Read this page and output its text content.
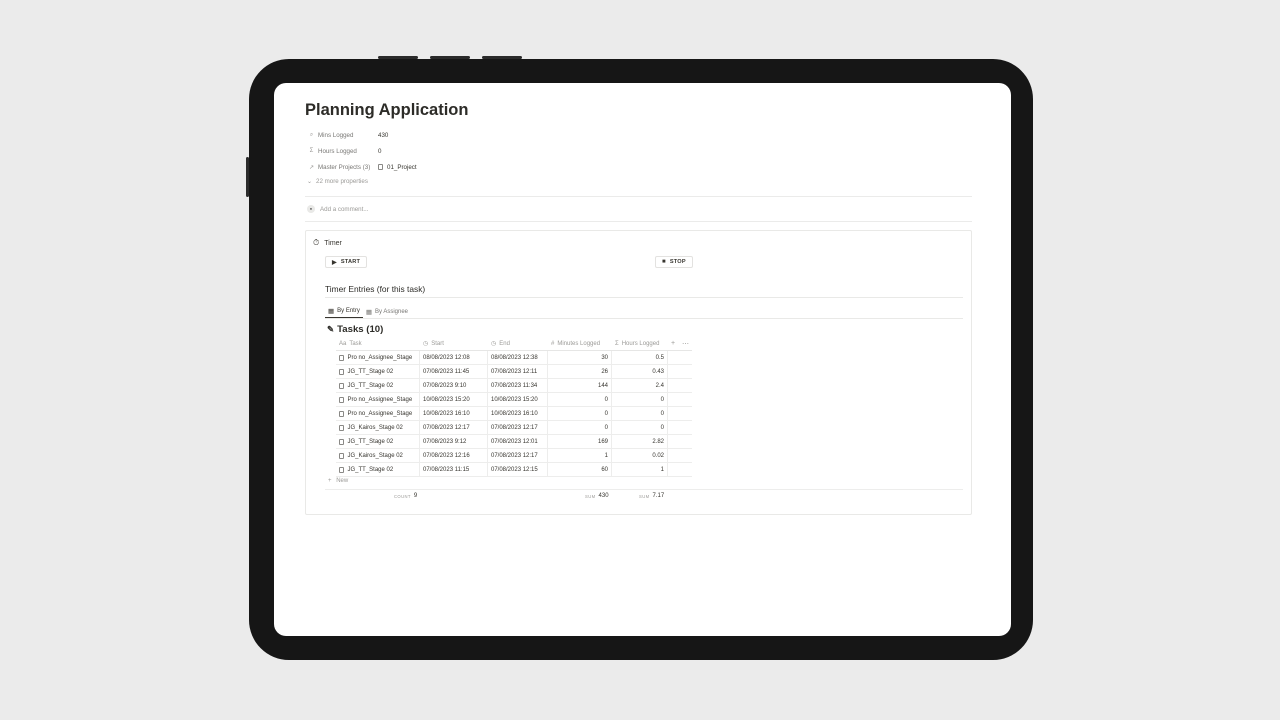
Planning Application
⌕ Mins Logged	430
Σ Hours Logged	0
↗ Master Projects (3)	01_Project
⌄ 22 more properties
●	Add a comment...
⏱ Timer
▶ START	■ STOP
Timer Entries (for this task)
▦ By Entry ▦ By Assignee
✎ Tasks (10)
Aa Task	◷ Start	◷ End	# Minutes Logged Σ Hours Logged + ⋯
Pro no_Assignee_Stage	08/08/2023 12:08	08/08/2023 12:38	30	0.5
JG_TT_Stage 02	07/08/2023 11:45	07/08/2023 12:11	26	0.43
JG_TT_Stage 02	07/08/2023 9:10	07/08/2023 11:34	144	2.4
Pro no_Assignee_Stage	10/08/2023 15:20	10/08/2023 15:20	0	0
Pro no_Assignee_Stage	10/08/2023 16:10	10/08/2023 16:10	0	0
JG_Kairos_Stage 02	07/08/2023 12:17	07/08/2023 12:17	0	0
JG_TT_Stage 02	07/08/2023 9:12	07/08/2023 12:01	169	2.82
JG_Kairos_Stage 02	07/08/2023 12:16	07/08/2023 12:17	1	0.02
JG_TT_Stage 02	07/08/2023 11:15	07/08/2023 12:15	60	1
+ New
COUNT 9	SUM 430	SUM 7.17
